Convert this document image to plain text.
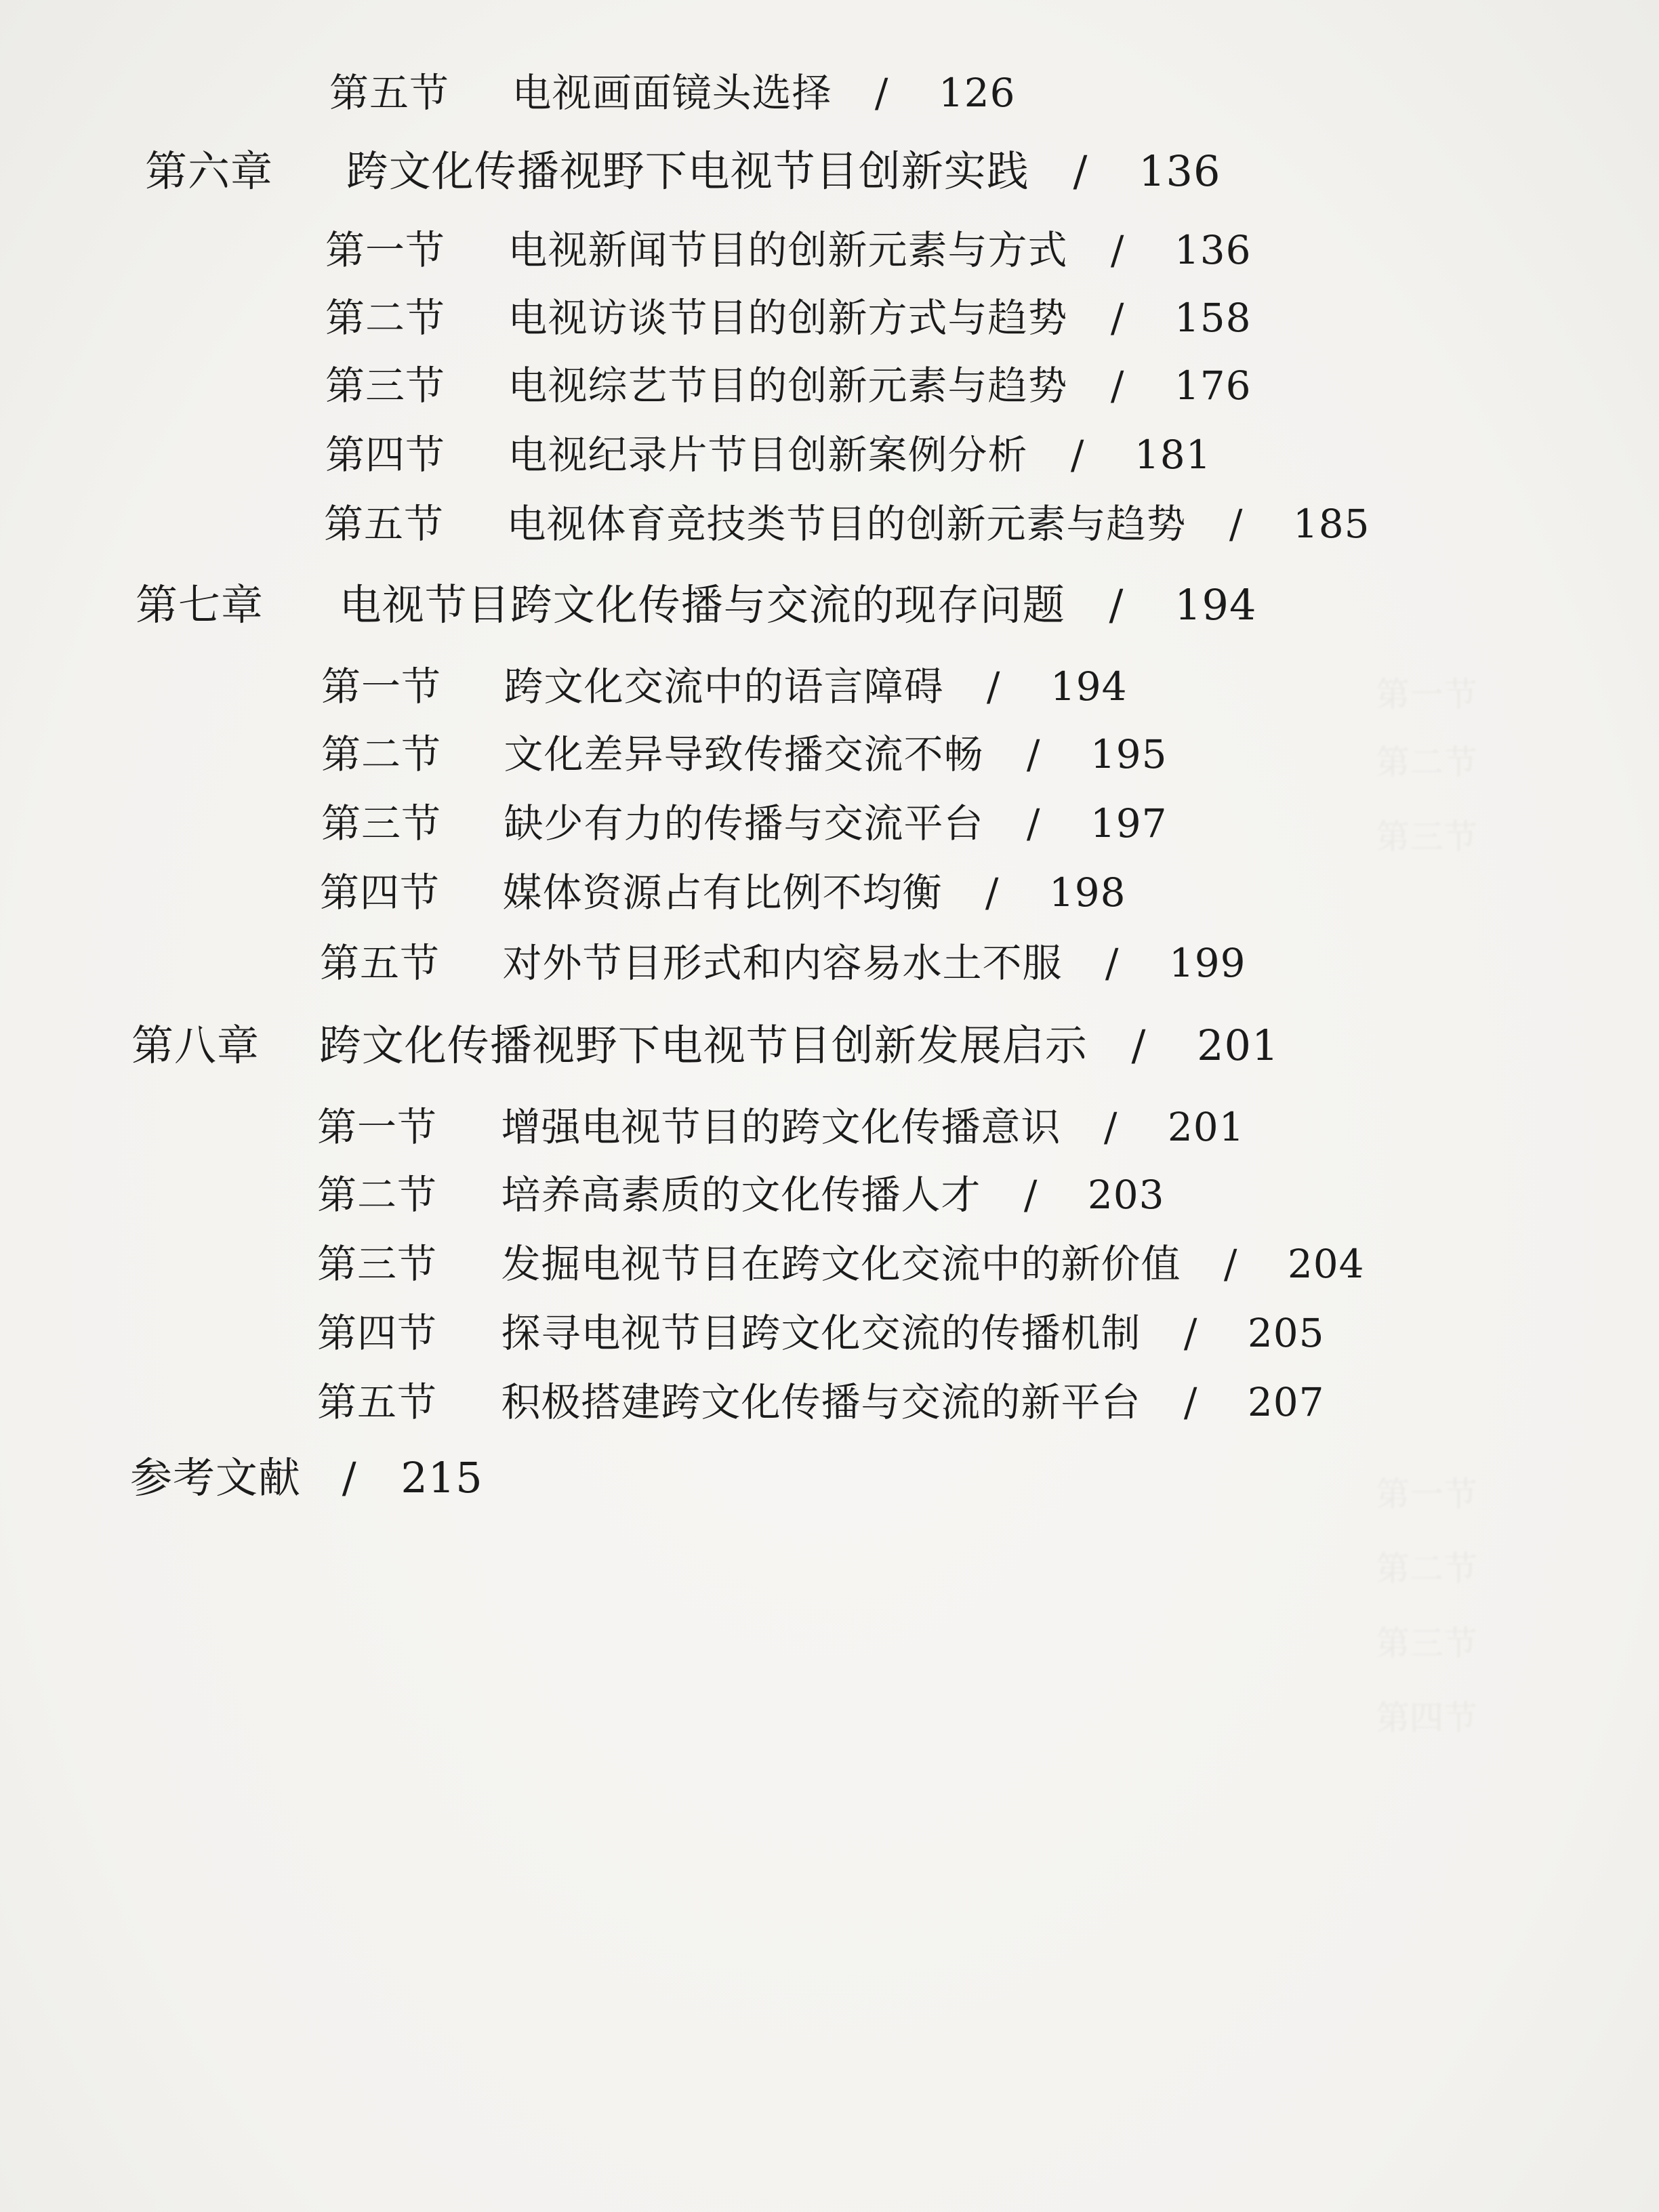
第五节 电视画面镜头选择 / 126
第六章 跨文化传播视野下电视节目创新实践 / 136
第一节 电视新闻节目的创新元素与方式 / 136
第二节 电视访谈节目的创新方式与趋势 / 158
第三节 电视综艺节目的创新元素与趋势 / 176
第四节 电视纪录片节目创新案例分析 / 181
第五节 电视体育竞技类节目的创新元素与趋势 / 185
第七章 电视节目跨文化传播与交流的现存问题 / 194
第一节 跨文化交流中的语言障碍 / 194
第二节 文化差异导致传播交流不畅 / 195
第三节 缺少有力的传播与交流平台 / 197
第四节 媒体资源占有比例不均衡 / 198
第五节 对外节目形式和内容易水土不服 / 199
第八章 跨文化传播视野下电视节目创新发展启示 / 201
第一节 增强电视节目的跨文化传播意识 / 201
第二节 培养高素质的文化传播人才 / 203
第三节 发掘电视节目在跨文化交流中的新价值 / 204
第四节 探寻电视节目跨文化交流的传播机制 / 205
第五节 积极搭建跨文化传播与交流的新平台 / 207
参考文献 / 215
